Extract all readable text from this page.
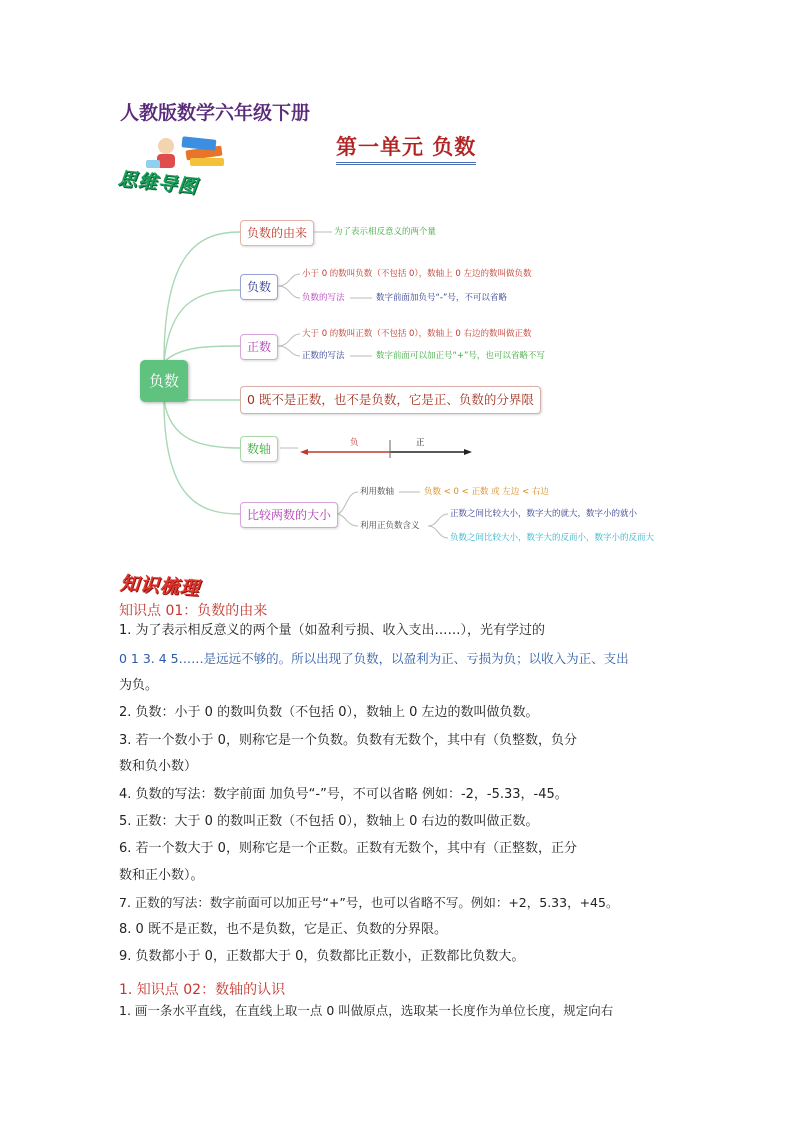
人教版数学六年级下册
第一单元 负数
思维导图
负数
负数的由来	为了表示相反意义的两个量
负数
小于 0 的数叫负数（不包括 0），数轴上 0 左边的数叫做负数
负数的写法	数字前面加负号“-”号，不可以省略
正数
大于 0 的数叫正数（不包括 0），数轴上 0 右边的数叫做正数
正数的写法	数字前面可以加正号“+”号，也可以省略不写
0 既不是正数，也不是负数，它是正、负数的分界限
数轴	负	正
比较两数的大小
利用数轴	负数 < 0 < 正数 或 左边 < 右边
利用正负数含义
正数之间比较大小，数字大的就大，数字小的就小
负数之间比较大小，数字大的反而小，数字小的反而大
知识梳理
知识点 01：负数的由来
1. 为了表示相反意义的两个量（如盈利亏损、收入支出……），光有学过的
0 1 3. 4 5……是远远不够的。所以出现了负数，以盈利为正、亏损为负；以收入为正、支出
为负。
2. 负数：小于 0 的数叫负数（不包括 0），数轴上 0 左边的数叫做负数。
3. 若一个数小于 0，则称它是一个负数。负数有无数个，其中有（负整数，负分
数和负小数）
4. 负数的写法：数字前面 加负号“-”号，不可以省略 例如：-2，-5.33，-45。
5. 正数：大于 0 的数叫正数（不包括 0），数轴上 0 右边的数叫做正数。
6. 若一个数大于 0，则称它是一个正数。正数有无数个，其中有（正整数，正分
数和正小数）。
7. 正数的写法：数字前面可以加正号“+”号，也可以省略不写。例如：+2，5.33，+45。
8. 0 既不是正数，也不是负数，它是正、负数的分界限。
9. 负数都小于 0，正数都大于 0，负数都比正数小，正数都比负数大。
1. 知识点 02：数轴的认识
1. 画一条水平直线，在直线上取一点 0 叫做原点，选取某一长度作为单位长度，规定向右
